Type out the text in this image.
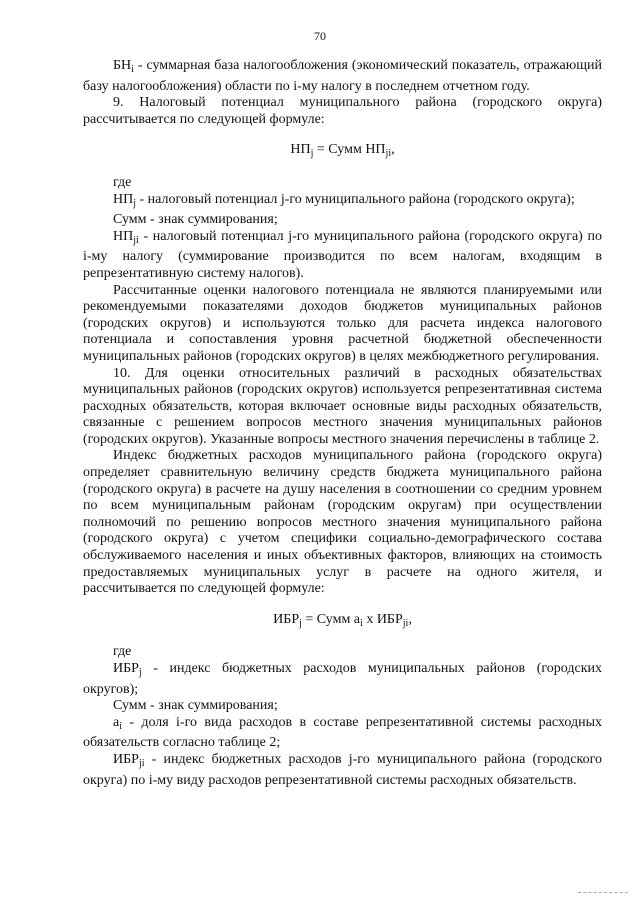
70

$БН_i$ - суммарная база налогообложения (экономический показатель, отражающий базу налогообложения) области по i-му налогу в последнем отчетном году.

9. Налоговый потенциал муниципального района (городского округа) рассчитывается по следующей формуле:

$НП_j$ = Сумм $НП_{ji}$,

где

$НП_j$ - налоговый потенциал j-го муниципального района (городского округа);

Сумм - знак суммирования;

$НП_{ji}$ - налоговый потенциал j-го муниципального района (городского округа) по i-му налогу (суммирование производится по всем налогам, входящим в репрезентативную систему налогов).

Рассчитанные оценки налогового потенциала не являются планируемыми или рекомендуемыми показателями доходов бюджетов муниципальных районов (городских округов) и используются только для расчета индекса налогового потенциала и сопоставления уровня расчетной бюджетной обеспеченности муниципальных районов (городских округов) в целях межбюджетного регулирования.

10. Для оценки относительных различий в расходных обязательствах муниципальных районов (городских округов) используется репрезентативная система расходных обязательств, которая включает основные виды расходных обязательств, связанные с решением вопросов местного значения муниципальных районов (городских округов). Указанные вопросы местного значения перечислены в таблице 2.

Индекс бюджетных расходов муниципального района (городского округа) определяет сравнительную величину средств бюджета муниципального района (городского округа) в расчете на душу населения в соотношении со средним уровнем по всем муниципальным районам (городским округам) при осуществлении полномочий по решению вопросов местного значения муниципального района (городского округа) с учетом специфики социально-демографического состава обслуживаемого населения и иных объективных факторов, влияющих на стоимость предоставляемых муниципальных услуг в расчете на одного жителя, и рассчитывается по следующей формуле:

$ИБР_j$ = Сумм $a_i$ x $ИБР_{ji}$,

где

$ИБР_j$ - индекс бюджетных расходов муниципальных районов (городских округов);

Сумм - знак суммирования;

$a_i$ - доля i-го вида расходов в составе репрезентативной системы расходных обязательств согласно таблице 2;

$ИБР_{ji}$ - индекс бюджетных расходов j-го муниципального района (городского округа) по i-му виду расходов репрезентативной системы расходных обязательств.
